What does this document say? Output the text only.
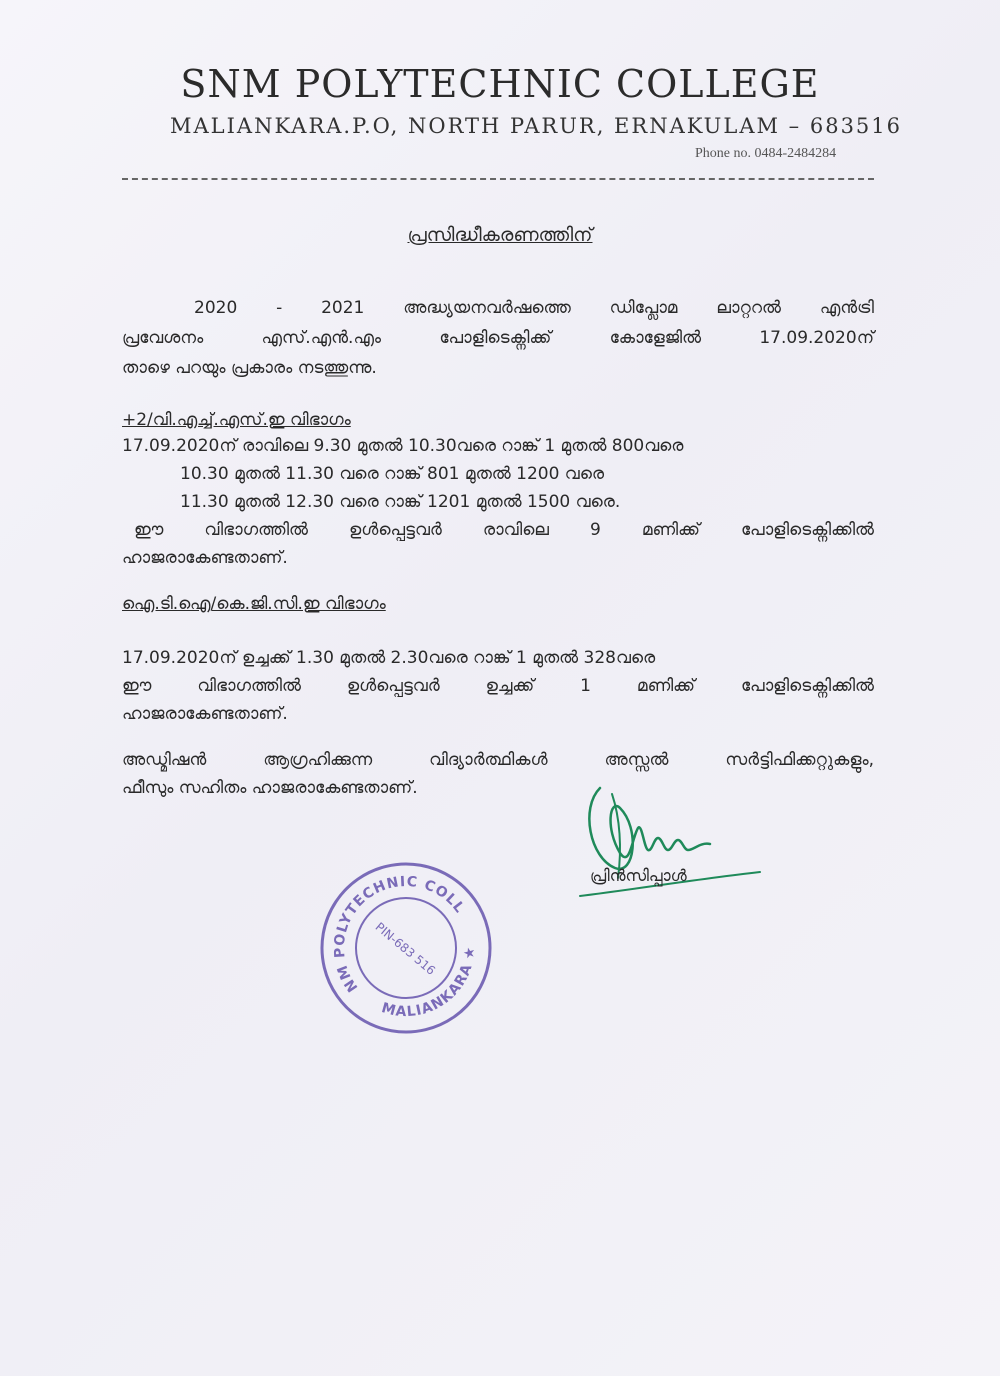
SNM POLYTECHNIC COLLEGE
MALIANKARA.P.O, NORTH PARUR, ERNAKULAM – 683516
Phone no. 0484-2484284
പ്രസിദ്ധീകരണത്തിന്
2020 - 2021 അദ്ധ്യയനവർഷത്തെ ഡിപ്ലോമ ലാറ്ററൽ എൻട്രി
പ്രവേശനം എസ്.എൻ.എം പോളിടെക്നിക്ക് കോളേജിൽ 17.09.2020ന്
താഴെ പറയും പ്രകാരം നടത്തുന്നു.
+2/വി.എച്ച്.എസ്.ഇ വിഭാഗം
17.09.2020ന് രാവിലെ 9.30 മുതൽ 10.30വരെ റാങ്ക് 1 മുതൽ 800വരെ
10.30 മുതൽ 11.30 വരെ റാങ്ക് 801 മുതൽ 1200 വരെ
11.30 മുതൽ 12.30 വരെ റാങ്ക് 1201 മുതൽ 1500 വരെ.
ഈ വിഭാഗത്തിൽ ഉൾപ്പെട്ടവർ രാവിലെ 9 മണിക്ക് പോളിടെക്നിക്കിൽ
ഹാജരാകേണ്ടതാണ്.
ഐ.ടി.ഐ/കെ.ജി.സി.ഇ വിഭാഗം
17.09.2020ന് ഉച്ചക്ക് 1.30 മുതൽ 2.30വരെ റാങ്ക് 1 മുതൽ 328വരെ
ഈ വിഭാഗത്തിൽ ഉൾപ്പെട്ടവർ ഉച്ചക്ക് 1 മണിക്ക് പോളിടെക്നിക്കിൽ
ഹാജരാകേണ്ടതാണ്.
അഡ്മിഷൻ ആഗ്രഹിക്കുന്ന വിദ്യാർത്ഥികൾ അസ്സൽ സർട്ടിഫിക്കറ്റുകളും,
ഫീസും സഹിതം ഹാജരാകേണ്ടതാണ്.
പ്രിൻസിപ്പാൾ
SNM POLYTECHNIC COLLEGE
MALIANKARA ★
PIN-683 516
